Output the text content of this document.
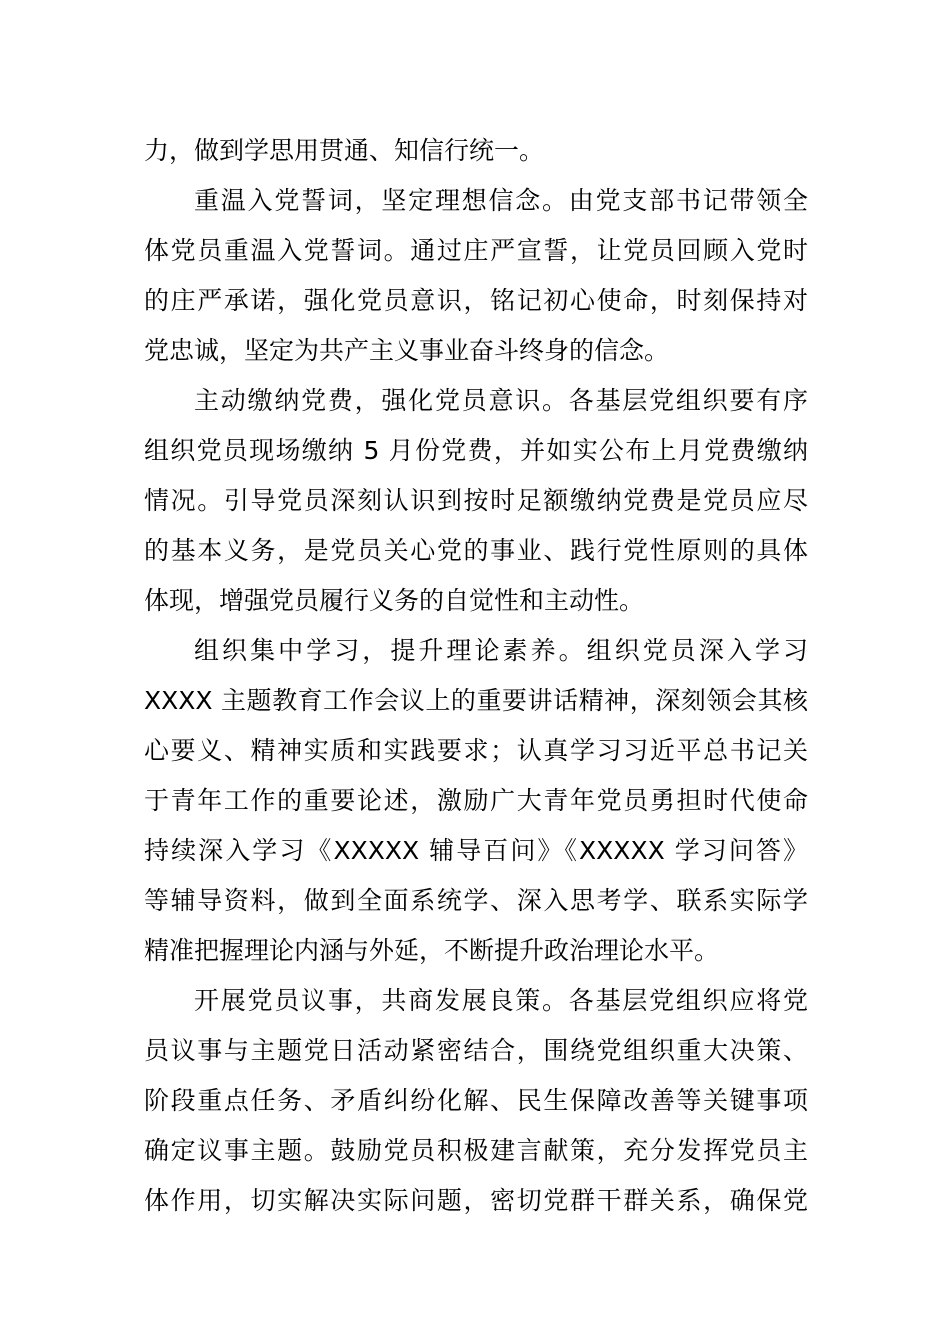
力，做到学思用贯通、知信行统一。
重温入党誓词，坚定理想信念。由党支部书记带领全
体党员重温入党誓词。通过庄严宣誓，让党员回顾入党时
的庄严承诺，强化党员意识，铭记初心使命，时刻保持对
党忠诚，坚定为共产主义事业奋斗终身的信念。
主动缴纳党费，强化党员意识。各基层党组织要有序
组织党员现场缴纳 5 月份党费，并如实公布上月党费缴纳
情况。引导党员深刻认识到按时足额缴纳党费是党员应尽
的基本义务，是党员关心党的事业、践行党性原则的具体
体现，增强党员履行义务的自觉性和主动性。
组织集中学习，提升理论素养。组织党员深入学习
XXXX 主题教育工作会议上的重要讲话精神，深刻领会其核
心要义、精神实质和实践要求；认真学习习近平总书记关
于青年工作的重要论述，激励广大青年党员勇担时代使命
持续深入学习《XXXXX 辅导百问》《XXXXX 学习问答》
等辅导资料，做到全面系统学、深入思考学、联系实际学
精准把握理论内涵与外延，不断提升政治理论水平。
开展党员议事，共商发展良策。各基层党组织应将党
员议事与主题党日活动紧密结合，围绕党组织重大决策、
阶段重点任务、矛盾纠纷化解、民生保障改善等关键事项
确定议事主题。鼓励党员积极建言献策，充分发挥党员主
体作用，切实解决实际问题，密切党群干群关系，确保党
